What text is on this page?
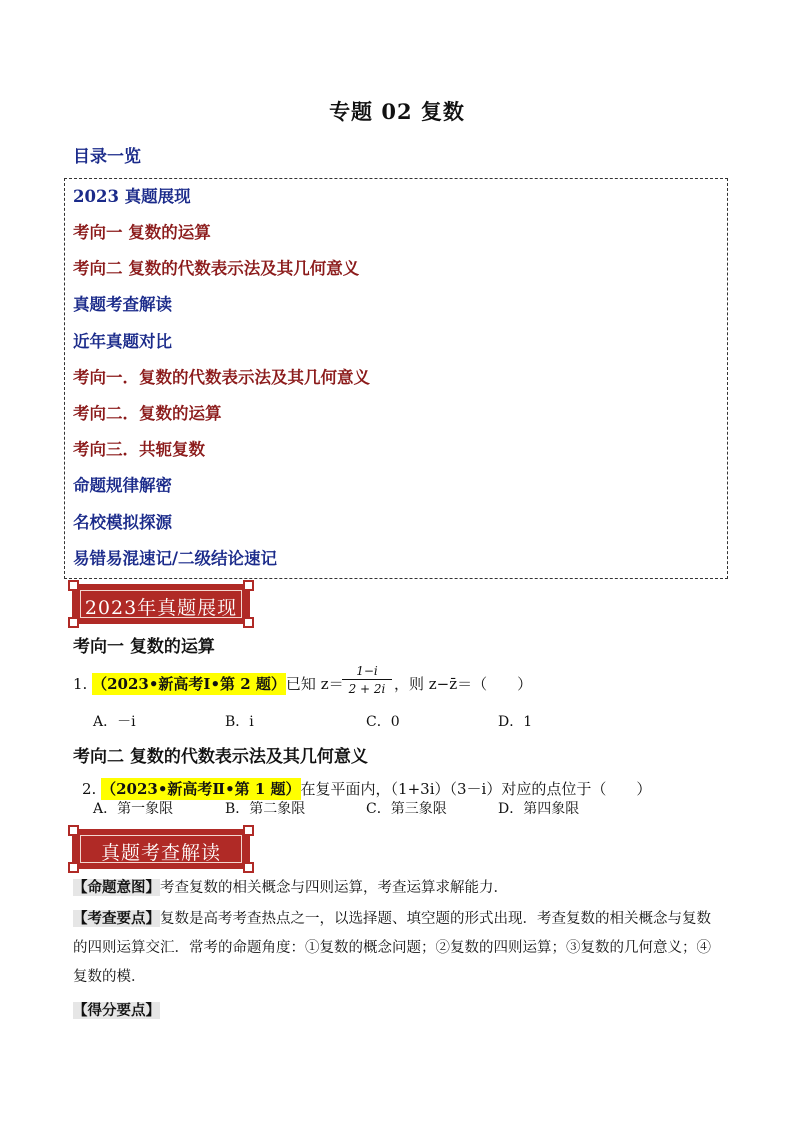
专题 02 复数
目录一览
2023 真题展现
考向一 复数的运算
考向二 复数的代数表示法及其几何意义
真题考查解读
近年真题对比
考向一．复数的代数表示法及其几何意义
考向二．复数的运算
考向三．共轭复数
命题规律解密
名校模拟探源
易错易混速记/二级结论速记
2023年真题展现
考向一 复数的运算
1. （2023•新高考Ⅰ•第 2 题）已知 z＝
$\frac{1-i}{2 + 2i}$ ，则 z−z̄＝（　　）
A．－i	B．i	C．0	D．1
考向二 复数的代数表示法及其几何意义
2. （2023•新高考Ⅱ•第 1 题）在复平面内，（1+3i）（3－i）对应的点位于（　　）
A．第一象限	B．第二象限	C．第三象限	D．第四象限
真题考查解读
【命题意图】考查复数的相关概念与四则运算，考查运算求解能力．
【考查要点】复数是高考考查热点之一，以选择题、填空题的形式出现．考查复数的相关概念与复数的四则运算交汇．常考的命题角度：①复数的概念问题；②复数的四则运算；③复数的几何意义；④复数的模．
【得分要点】
